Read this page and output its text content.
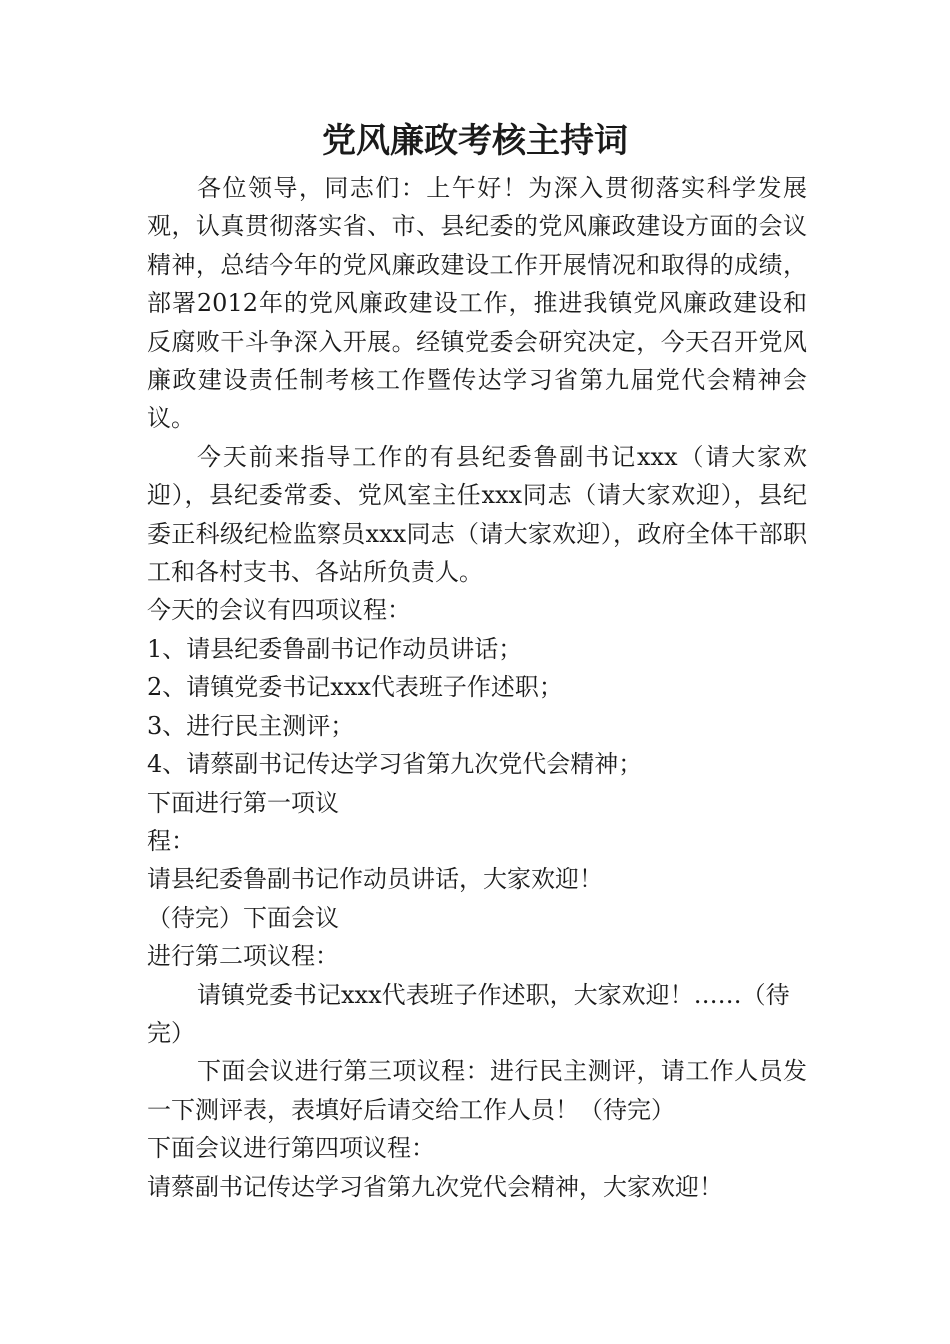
党风廉政考核主持词

各位领导，同志们：上午好！为深入贯彻落实科学发展观，认真贯彻落实省、市、县纪委的党风廉政建设方面的会议精神，总结今年的党风廉政建设工作开展情况和取得的成绩，部署2012年的党风廉政建设工作，推进我镇党风廉政建设和反腐败干斗争深入开展。经镇党委会研究决定，今天召开党风廉政建设责任制考核工作暨传达学习省第九届党代会精神会议。

今天前来指导工作的有县纪委鲁副书记xxx（请大家欢迎），县纪委常委、党风室主任xxx同志（请大家欢迎），县纪委正科级纪检监察员xxx同志（请大家欢迎），政府全体干部职工和各村支书、各站所负责人。

今天的会议有四项议程：

1、请县纪委鲁副书记作动员讲话；

2、请镇党委书记xxx代表班子作述职；

3、进行民主测评；

4、请蔡副书记传达学习省第九次党代会精神；

下面进行第一项议
程：

请县纪委鲁副书记作动员讲话，大家欢迎！

（待完）下面会议
进行第二项议程：

请镇党委书记xxx代表班子作述职，大家欢迎！……（待完）

下面会议进行第三项议程：进行民主测评，请工作人员发一下测评表，表填好后请交给工作人员！（待完）

下面会议进行第四项议程：

请蔡副书记传达学习省第九次党代会精神，大家欢迎！
